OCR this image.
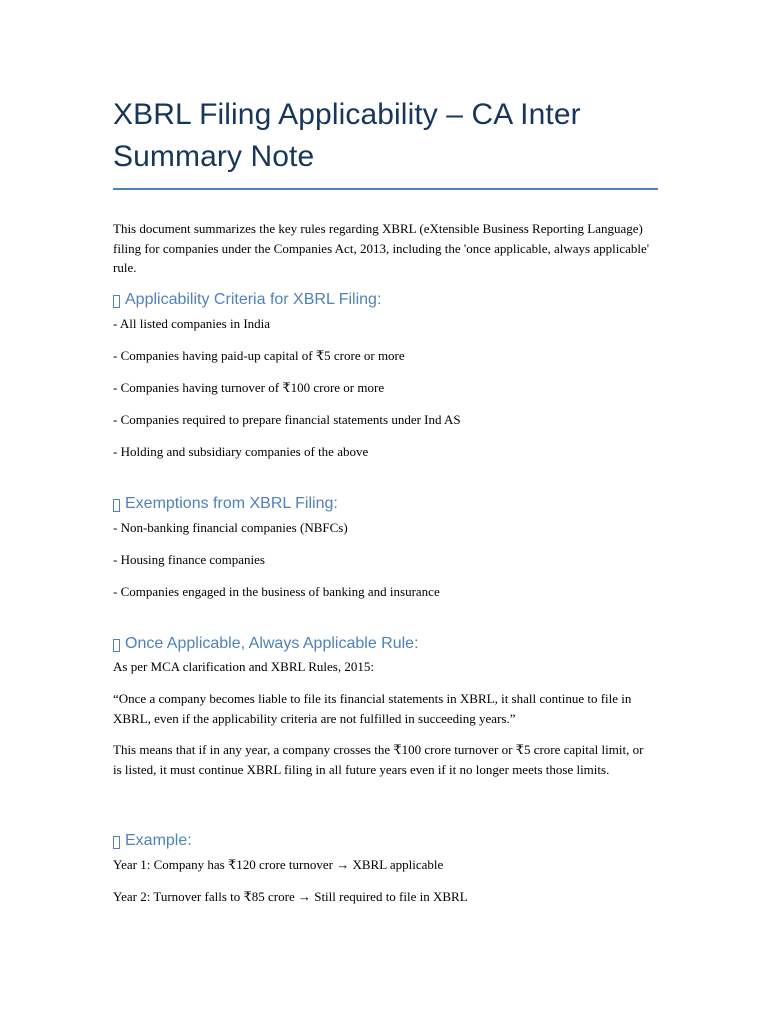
XBRL Filing Applicability – CA Inter Summary Note

This document summarizes the key rules regarding XBRL (eXtensible Business Reporting Language) filing for companies under the Companies Act, 2013, including the 'once applicable, always applicable' rule.

Applicability Criteria for XBRL Filing:

- All listed companies in India

- Companies having paid-up capital of ₹5 crore or more

- Companies having turnover of ₹100 crore or more

- Companies required to prepare financial statements under Ind AS

- Holding and subsidiary companies of the above

Exemptions from XBRL Filing:

- Non-banking financial companies (NBFCs)

- Housing finance companies

- Companies engaged in the business of banking and insurance

Once Applicable, Always Applicable Rule:

As per MCA clarification and XBRL Rules, 2015:

“Once a company becomes liable to file its financial statements in XBRL, it shall continue to file in XBRL, even if the applicability criteria are not fulfilled in succeeding years.”

This means that if in any year, a company crosses the ₹100 crore turnover or ₹5 crore capital limit, or is listed, it must continue XBRL filing in all future years even if it no longer meets those limits.

Example:

Year 1: Company has ₹120 crore turnover → XBRL applicable

Year 2: Turnover falls to ₹85 crore → Still required to file in XBRL
